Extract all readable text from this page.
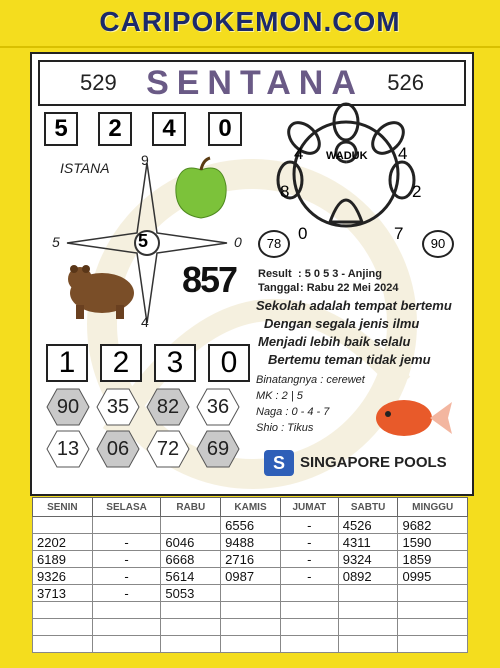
CARIPOKEMON.COM
529 SENTANA 526
5	2	4	0
ISTANA 9
4
5	0
5
8 5 7
WADUK
4	4
8	2
0	7
78	90
Result : 5 0 5 3 - Anjing
Tanggal : Rabu 22 Mei 2024
Sekolah adalah tempat bertemu
Dengan segala jenis ilmu
Menjadi lebih baik selalu
Bertemu teman tidak jemu
Binatangnya : cerewet
MK : 2 | 5
Naga : 0 - 4 - 7
Shio : Tikus
1	2	3	0
90	35	82	36
13	06	72	69
S	SINGAPORE POOLS
SENIN	SELASA	RABU	KAMIS	JUMAT	SABTU	MINGGU
			6556	-	4526	9682
2202	-	6046	9488	-	4311	1590
6189	-	6668	2716	-	9324	1859
9326	-	5614	0987	-	0892	0995
3713	-	5053				
